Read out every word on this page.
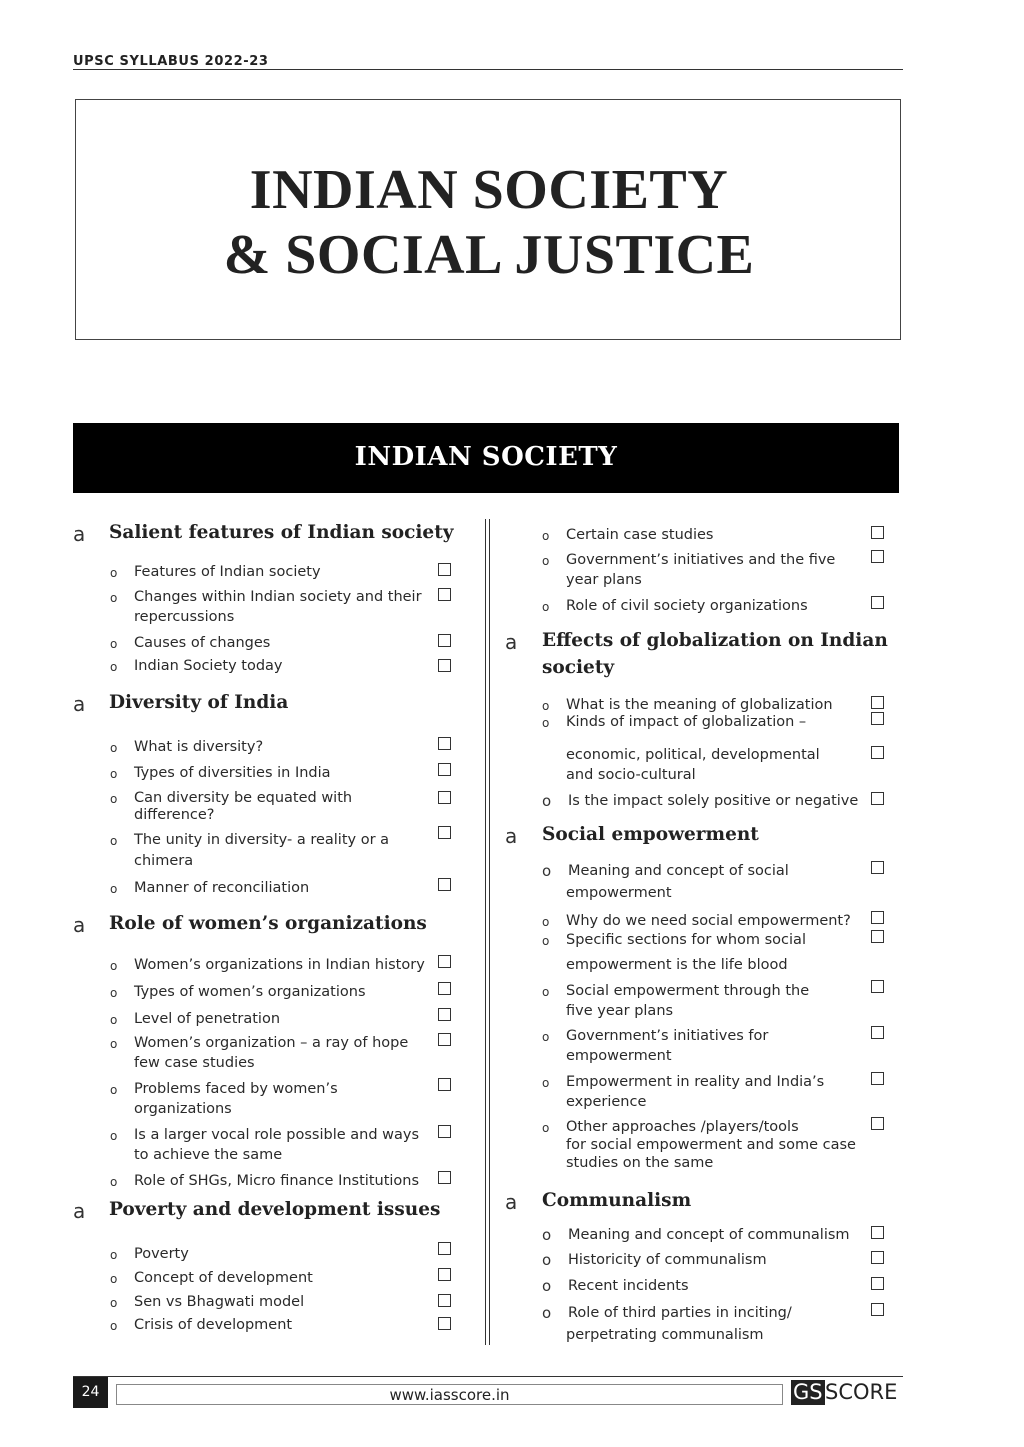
UPSC SYLLABUS 2022-23
INDIAN SOCIETY
& SOCIAL JUSTICE
INDIAN SOCIETY
a Salient features of Indian society
o Features of Indian society
o Changes within Indian society and their
repercussions
o Causes of changes
o Indian Society today
a Diversity of India
o What is diversity?
o Types of diversities in India
o Can diversity be equated with
difference?
o The unity in diversity- a reality or a
chimera
o Manner of reconciliation
a Role of women’s organizations
o Women’s organizations in Indian history
o Types of women’s organizations
o Level of penetration
o Women’s organization – a ray of hope
few case studies
o Problems faced by women’s
organizations
o Is a larger vocal role possible and ways
to achieve the same
o Role of SHGs, Micro finance Institutions
a Poverty and development issues
o Poverty
o Concept of development
o Sen vs Bhagwati model
o Crisis of development
o Certain case studies
o Government’s initiatives and the five
year plans
o Role of civil society organizations
a Effects of globalization on Indian
society
o What is the meaning of globalization
o Kinds of impact of globalization –
economic, political, developmental
and socio-cultural
o Is the impact solely positive or negative
a Social empowerment
o Meaning and concept of social
empowerment
o Why do we need social empowerment?
o Specific sections for whom social
empowerment is the life blood
o Social empowerment through the
five year plans
o Government’s initiatives for
empowerment
o Empowerment in reality and India’s
experience
o Other approaches /players/tools
for social empowerment and some case
studies on the same
a Communalism
o Meaning and concept of communalism
o Historicity of communalism
o Recent incidents
o Role of third parties in inciting/
perpetrating communalism
24	www.iasscore.in	GS SCORE
